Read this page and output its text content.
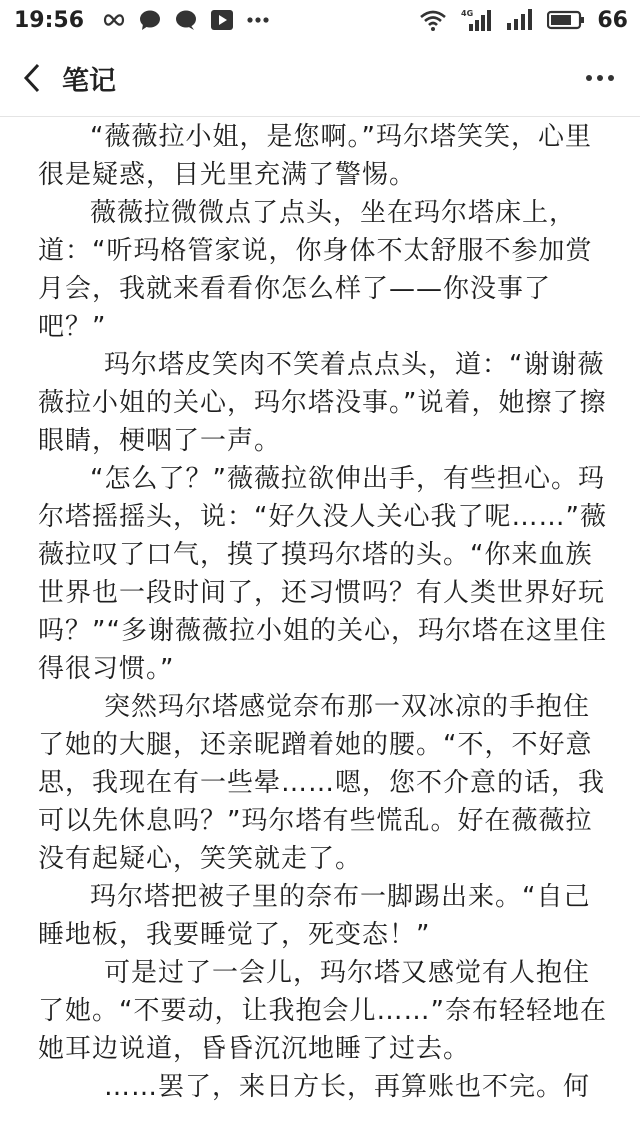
19:56	4G	66
笔记

“薇薇拉小姐，是您啊。”玛尔塔笑笑，心里很是疑惑，目光里充满了警惕。

薇薇拉微微点了点头，坐在玛尔塔床上，道：“听玛格管家说，你身体不太舒服不参加赏月会，我就来看看你怎么样了——你没事了吧？”

玛尔塔皮笑肉不笑着点点头，道：“谢谢薇薇拉小姐的关心，玛尔塔没事。”说着，她擦了擦眼睛，梗咽了一声。

“怎么了？”薇薇拉欲伸出手，有些担心。玛尔塔摇摇头，说：“好久没人关心我了呢……”薇薇拉叹了口气，摸了摸玛尔塔的头。“你来血族世界也一段时间了，还习惯吗？有人类世界好玩吗？”“多谢薇薇拉小姐的关心，玛尔塔在这里住得很习惯。”

突然玛尔塔感觉奈布那一双冰凉的手抱住了她的大腿，还亲昵蹭着她的腰。“不，不好意思，我现在有一些晕……嗯，您不介意的话，我可以先休息吗？”玛尔塔有些慌乱。好在薇薇拉没有起疑心，笑笑就走了。

玛尔塔把被子里的奈布一脚踢出来。“自己睡地板，我要睡觉了，死变态！”

可是过了一会儿，玛尔塔又感觉有人抱住了她。“不要动，让我抱会儿……”奈布轻轻地在她耳边说道，昏昏沉沉地睡了过去。

……罢了，来日方长，再算账也不完。何
